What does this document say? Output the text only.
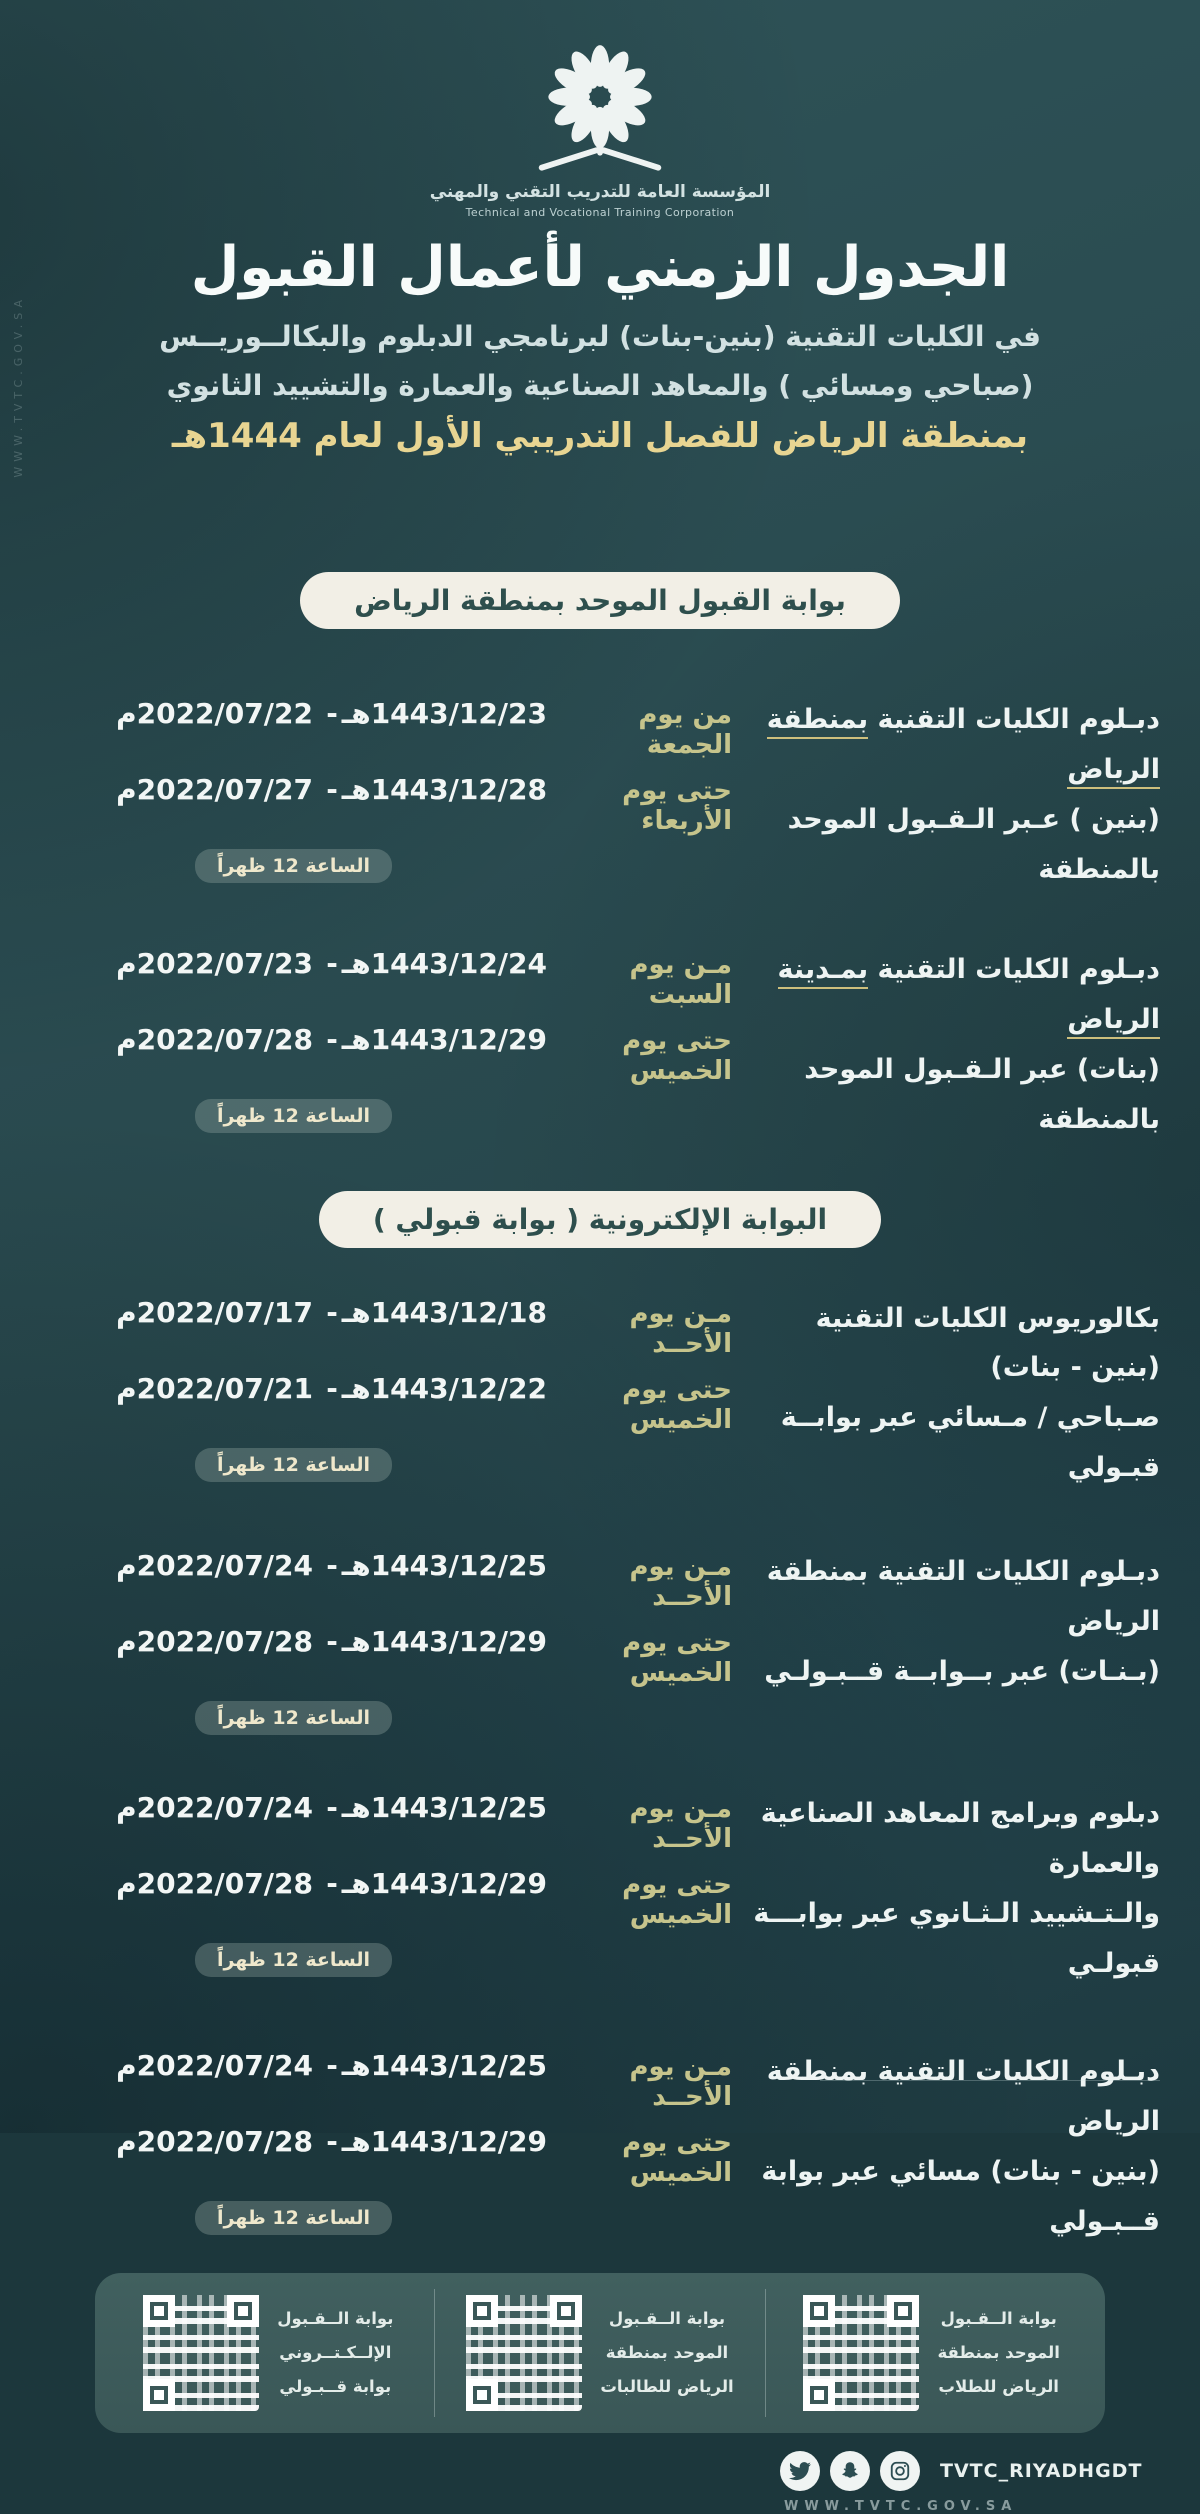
WWW.TVTC.GOV.SA
المؤسسة العامة للتدريب التقني والمهني
Technical and Vocational Training Corporation
الجدول الزمني لأعمال القبول

في الكليات التقنية (بنين-بنات) لبرنامجي الدبلوم والبكالــوريــس

(صباحي ومسائي ) والمعاهد الصناعية والعمارة والتشييد الثانوي

بمنطقة الرياض للفصل التدريبي الأول لعام 1444هـ

بوابة القبول الموحد بمنطقة الرياض
دبـلوم الكليات التقنية بمنطقة الرياض
(بنين ) عـبر الـقـبول الموحد بالمنطقة
من يوم الجمعة
1443/12/23هـ
-
2022/07/22م
حتى يوم الأربعاء
1443/12/28هـ
-
2022/07/27م
الساعة 12 ظهراً
دبـلوم الكليات التقنية بمـدينة الرياض
(بنات) عبر الـقـبول الموحد بالمنطقة
مـن يوم السبت
1443/12/24هـ
-
2022/07/23م
حتى يوم الخميس
1443/12/29هـ
-
2022/07/28م
الساعة 12 ظهراً
البوابة الإلكترونية ( بوابة قبولي )
بكالوريوس الكليات التقنية (بنين - بنات)
صـباحي / مـسائي عبر بوابــة قبـولي
مـن يوم الأحــد
1443/12/18هـ
-
2022/07/17م
حتى يوم الخميس
1443/12/22هـ
-
2022/07/21م
الساعة 12 ظهراً
دبـلوم الكليات التقنية بمنطقة الرياض
(بـنـات) عبر بــوابــة قــبـولـي
مـن يوم الأحــد
1443/12/25هـ
-
2022/07/24م
حتى يوم الخميس
1443/12/29هـ
-
2022/07/28م
الساعة 12 ظهراً
دبلوم وبرامج المعاهد الصناعية والعمارة
والـتـشييد الـثـانوي عبر بوابـــة قبولـي
مـن يوم الأحــد
1443/12/25هـ
-
2022/07/24م
حتى يوم الخميس
1443/12/29هـ
-
2022/07/28م
الساعة 12 ظهراً
دبـلوم الكليات التقنية بمنطقة الرياض
(بنين - بنات) مسائي عبر بوابة قــبـولي
مـن يوم الأحــد
1443/12/25هـ
-
2022/07/24م
حتى يوم الخميس
1443/12/29هـ
-
2022/07/28م
الساعة 12 ظهراً
بوابة الــقـبول
الموحد بمنطقة
الرياض للطلاب
بوابة الــقـبول
الموحد بمنطقة
الرياض للطالبات
بوابة الــقـبول
الإلــكـتــروني
بوابة قــبـولي
TVTC_RIYADHGDT
WWW.TVTC.GOV.SA
